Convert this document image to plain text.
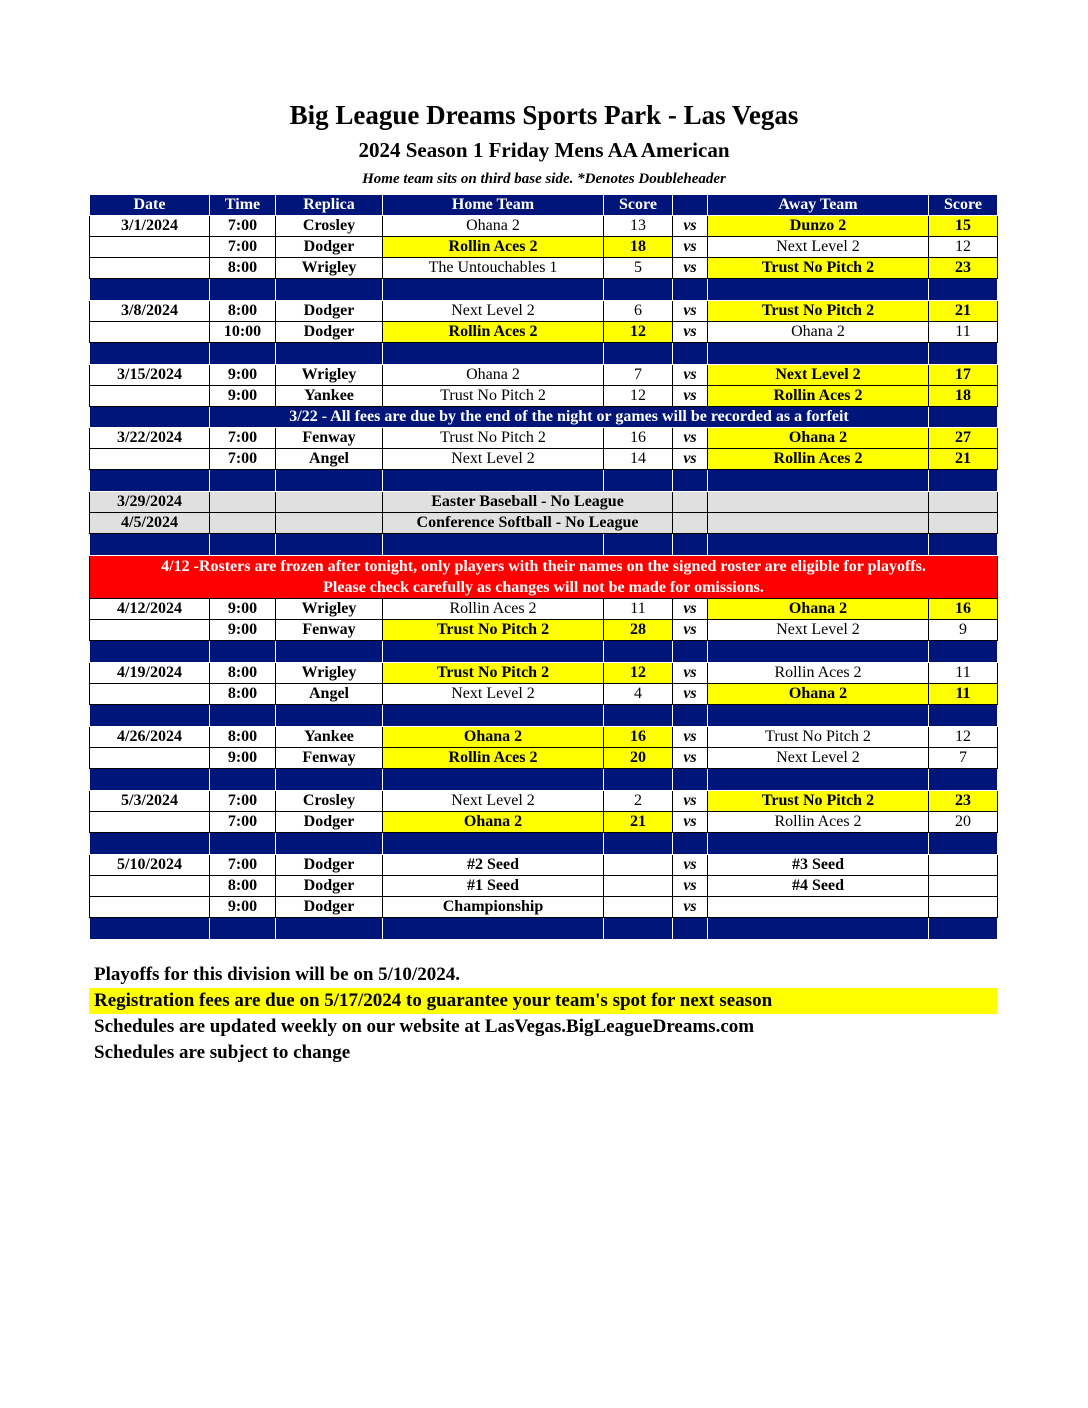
Big League Dreams Sports Park - Las Vegas
2024 Season 1 Friday Mens AA American
Home team sits on third base side. *Denotes Doubleheader
Date	Time	Replica	Home Team	Score		Away Team	Score
3/1/2024	7:00	Crosley	Ohana 2	13	vs	Dunzo 2	15
	7:00	Dodger	Rollin Aces 2	18	vs	Next Level 2	12
	8:00	Wrigley	The Untouchables 1	5	vs	Trust No Pitch 2	23

3/8/2024	8:00	Dodger	Next Level 2	6	vs	Trust No Pitch 2	21
	10:00	Dodger	Rollin Aces 2	12	vs	Ohana 2	11

3/15/2024	9:00	Wrigley	Ohana 2	7	vs	Next Level 2	17
	9:00	Yankee	Trust No Pitch 2	12	vs	Rollin Aces 2	18
	3/22 - All fees are due by the end of the night or games will be recorded as a forfeit						
3/22/2024	7:00	Fenway	Trust No Pitch 2	16	vs	Ohana 2	27
	7:00	Angel	Next Level 2	14	vs	Rollin Aces 2	21

3/29/2024			Easter Baseball - No League				
4/5/2024			Conference Softball - No League				

4/12 -Rosters are frozen after tonight, only players with their names on the signed roster are eligible for playoffs.
Please check carefully as changes will not be made for omissions.							

4/12/2024	9:00	Wrigley	Rollin Aces 2	11	vs	Ohana 2	16
	9:00	Fenway	Trust No Pitch 2	28	vs	Next Level 2	9

4/19/2024	8:00	Wrigley	Trust No Pitch 2	12	vs	Rollin Aces 2	11
	8:00	Angel	Next Level 2	4	vs	Ohana 2	11

4/26/2024	8:00	Yankee	Ohana 2	16	vs	Trust No Pitch 2	12
	9:00	Fenway	Rollin Aces 2	20	vs	Next Level 2	7

5/3/2024	7:00	Crosley	Next Level 2	2	vs	Trust No Pitch 2	23
	7:00	Dodger	Ohana 2	21	vs	Rollin Aces 2	20

5/10/2024	7:00	Dodger	#2 Seed		vs	#3 Seed	
	8:00	Dodger	#1 Seed		vs	#4 Seed	
	9:00	Dodger	Championship		vs		

Playoffs for this division will be on 5/10/2024.
Registration fees are due on 5/17/2024 to guarantee your team's spot for next season
Schedules are updated weekly on our website at LasVegas.BigLeagueDreams.com
Schedules are subject to change
